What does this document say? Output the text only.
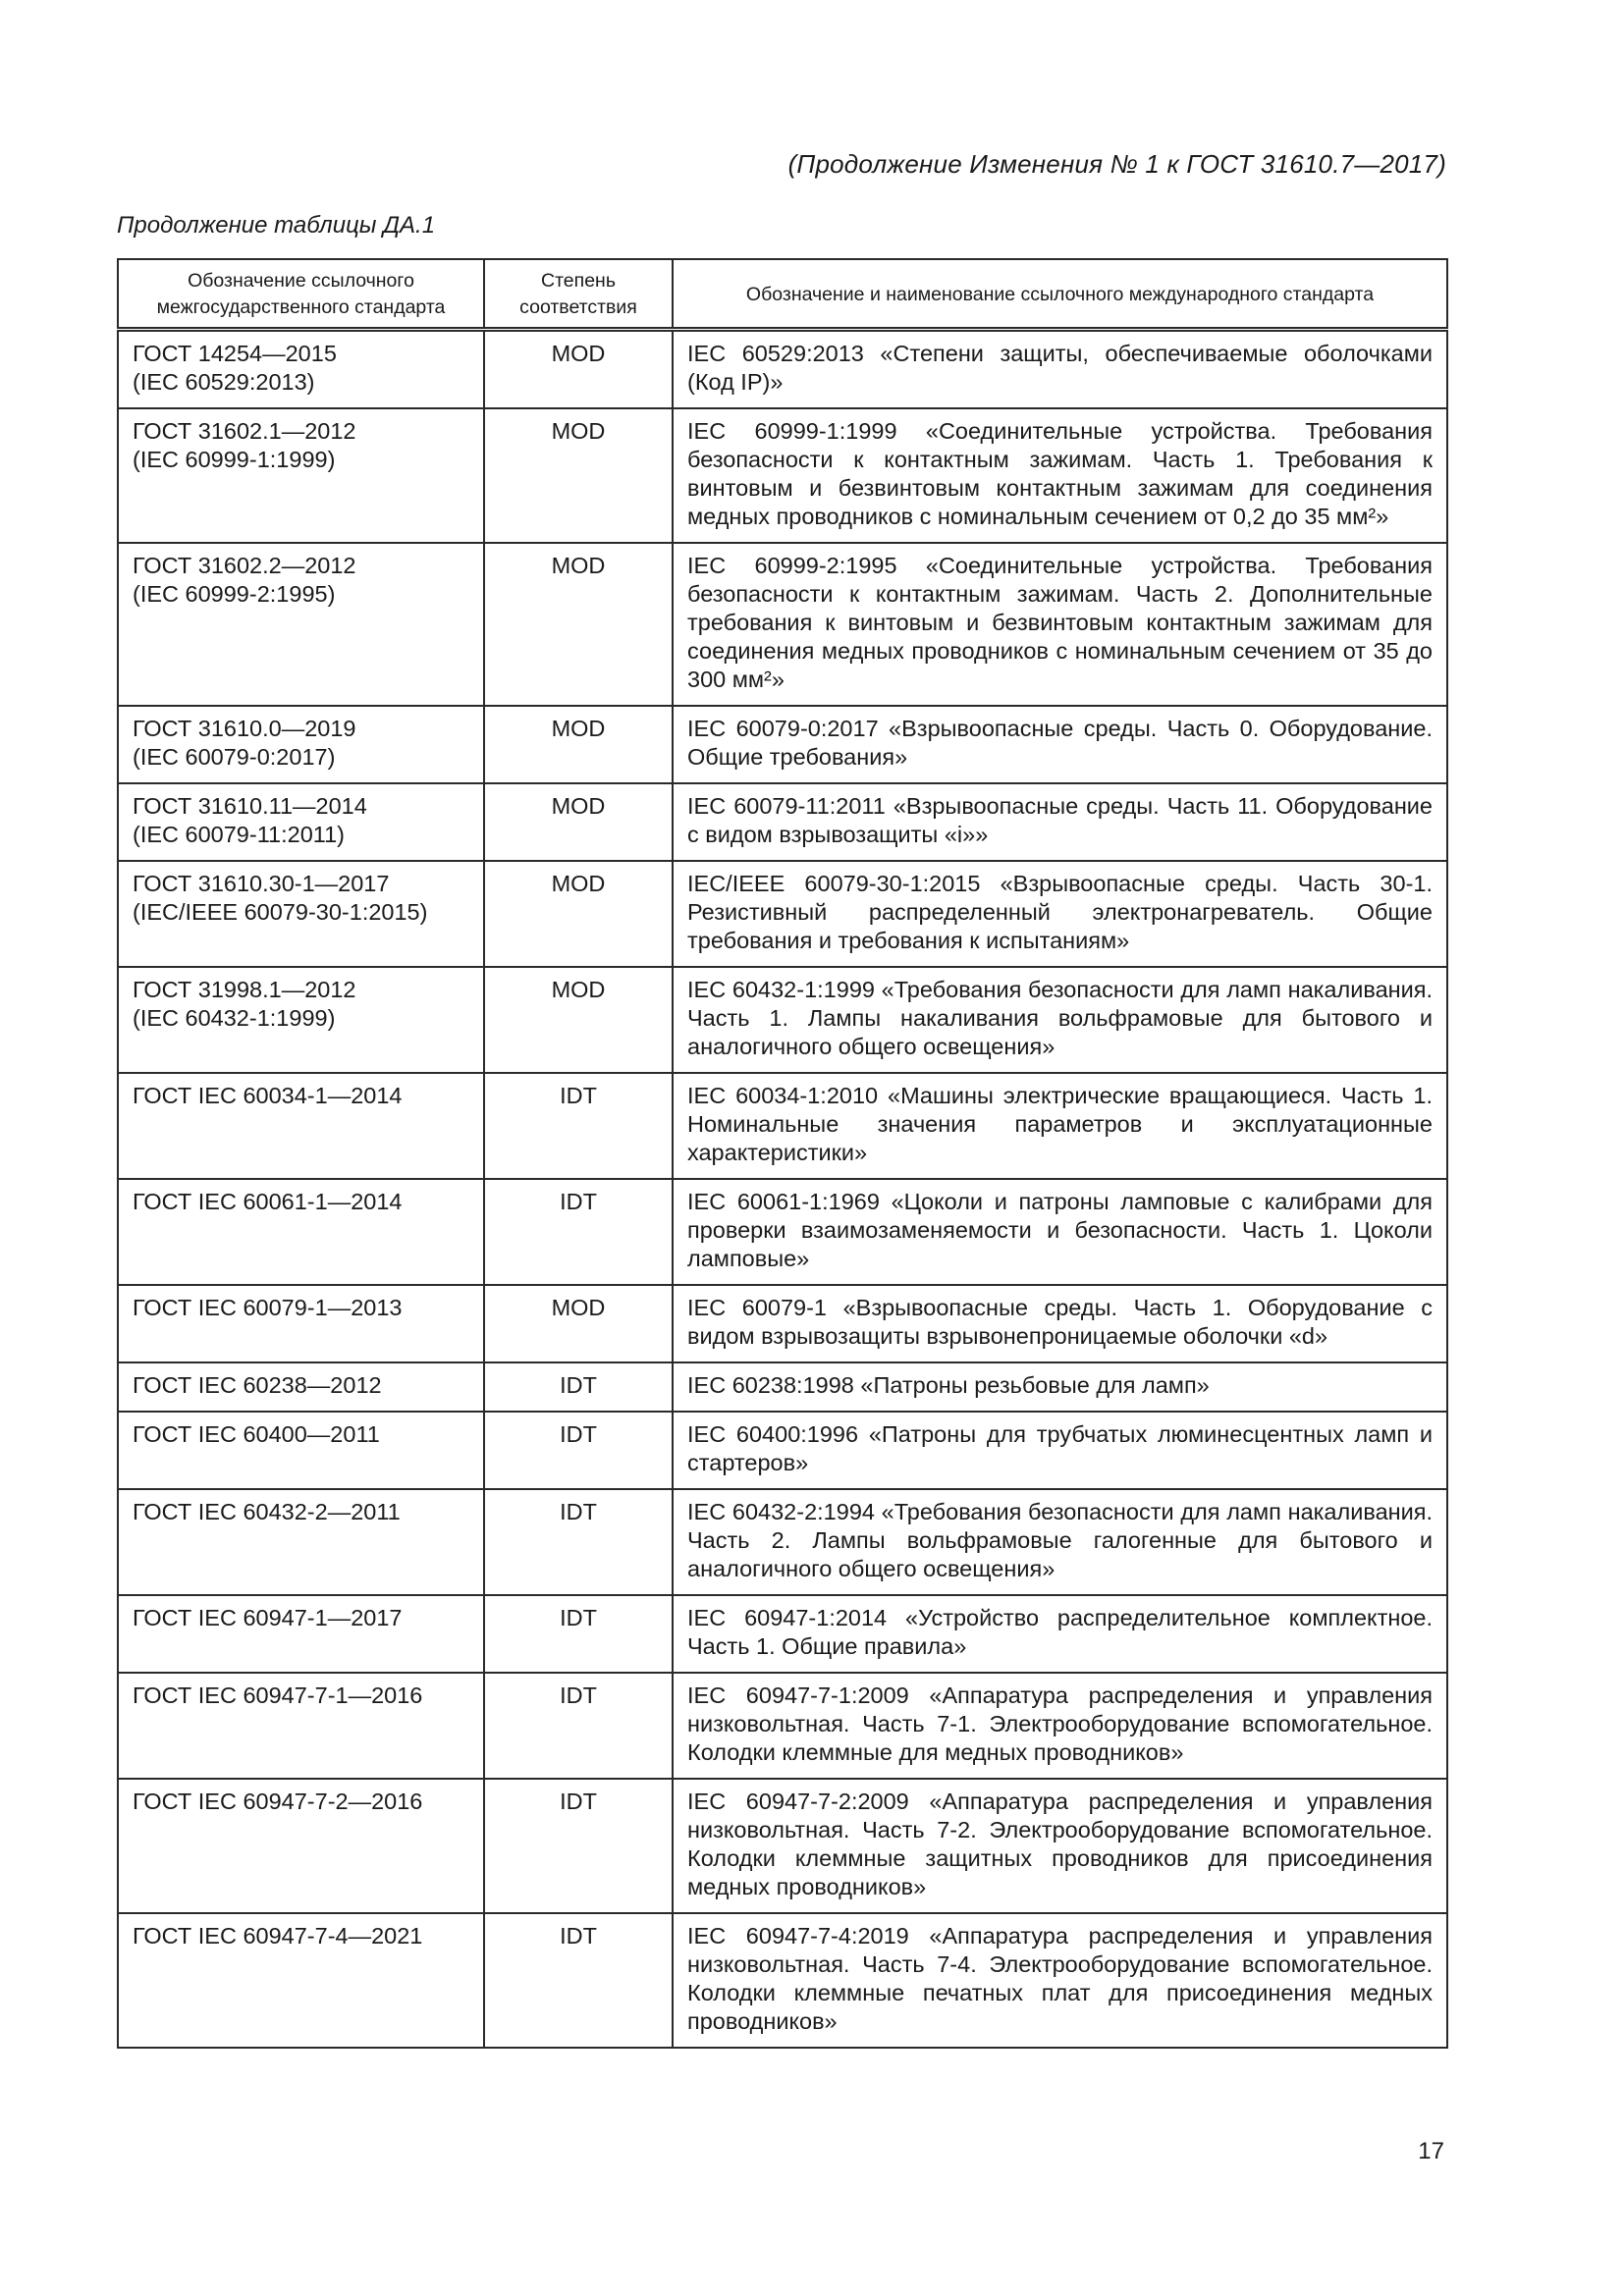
(Продолжение Изменения № 1 к ГОСТ 31610.7—2017)
Продолжение таблицы ДА.1
Обозначение ссылочного межгосударственного стандарта	Степень соответствия	Обозначение и наименование ссылочного международного стандарта
ГОСТ 14254—2015
(IEC 60529:2013)	MOD	IEC 60529:2013 «Степени защиты, обеспечиваемые оболочками (Код IP)»
ГОСТ 31602.1—2012
(IEC 60999-1:1999)	MOD	IEC 60999-1:1999 «Соединительные устройства. Требования безопасности к контактным зажимам. Часть 1. Требования к винтовым и безвинтовым контактным зажимам для соединения медных проводников с номинальным сечением от 0,2 до 35 мм²»
ГОСТ 31602.2—2012
(IEC 60999-2:1995)	MOD	IEC 60999-2:1995 «Соединительные устройства. Требования безопасности к контактным зажимам. Часть 2. Дополнительные требования к винтовым и безвинтовым контактным зажимам для соединения медных проводников с номинальным сечением от 35 до 300 мм²»
ГОСТ 31610.0—2019
(IEC 60079-0:2017)	MOD	IEC 60079-0:2017 «Взрывоопасные среды. Часть 0. Оборудование. Общие требования»
ГОСТ 31610.11—2014
(IEC 60079-11:2011)	MOD	IEC 60079-11:2011 «Взрывоопасные среды. Часть 11. Оборудование с видом взрывозащиты «i»»
ГОСТ 31610.30-1—2017
(IEC/IEEE 60079-30-1:2015)	MOD	IEC/IEEE 60079-30-1:2015 «Взрывоопасные среды. Часть 30-1. Резистивный распределенный электронагреватель. Общие требования и требования к испытаниям»
ГОСТ 31998.1—2012
(IEC 60432-1:1999)	MOD	IEC 60432-1:1999 «Требования безопасности для ламп накаливания. Часть 1. Лампы накаливания вольфрамовые для бытового и аналогичного общего освещения»
ГОСТ IEC 60034-1—2014	IDT	IEC 60034-1:2010 «Машины электрические вращающиеся. Часть 1. Номинальные значения параметров и эксплуатационные характеристики»
ГОСТ IEC 60061-1—2014	IDT	IEC 60061-1:1969 «Цоколи и патроны ламповые с калибрами для проверки взаимозаменяемости и безопасности. Часть 1. Цоколи ламповые»
ГОСТ IEC 60079-1—2013	MOD	IEC 60079-1 «Взрывоопасные среды. Часть 1. Оборудование с видом взрывозащиты взрывонепроницаемые оболочки «d»
ГОСТ IEC 60238—2012	IDT	IEC 60238:1998 «Патроны резьбовые для ламп»
ГОСТ IEC 60400—2011	IDT	IEC 60400:1996 «Патроны для трубчатых люминесцентных ламп и стартеров»
ГОСТ IEC 60432-2—2011	IDT	IEC 60432-2:1994 «Требования безопасности для ламп накаливания. Часть 2. Лампы вольфрамовые галогенные для бытового и аналогичного общего освещения»
ГОСТ IEC 60947-1—2017	IDT	IEC 60947-1:2014 «Устройство распределительное комплектное. Часть 1. Общие правила»
ГОСТ IEC 60947-7-1—2016	IDT	IEC 60947-7-1:2009 «Аппаратура распределения и управления низковольтная. Часть 7-1. Электрооборудование вспомогательное. Колодки клеммные для медных проводников»
ГОСТ IEC 60947-7-2—2016	IDT	IEC 60947-7-2:2009 «Аппаратура распределения и управления низковольтная. Часть 7-2. Электрооборудование вспомогательное. Колодки клеммные защитных проводников для присоединения медных проводников»
ГОСТ IEC 60947-7-4—2021	IDT	IEC 60947-7-4:2019 «Аппаратура распределения и управления низковольтная. Часть 7-4. Электрооборудование вспомогательное. Колодки клеммные печатных плат для присоединения медных проводников»
17
